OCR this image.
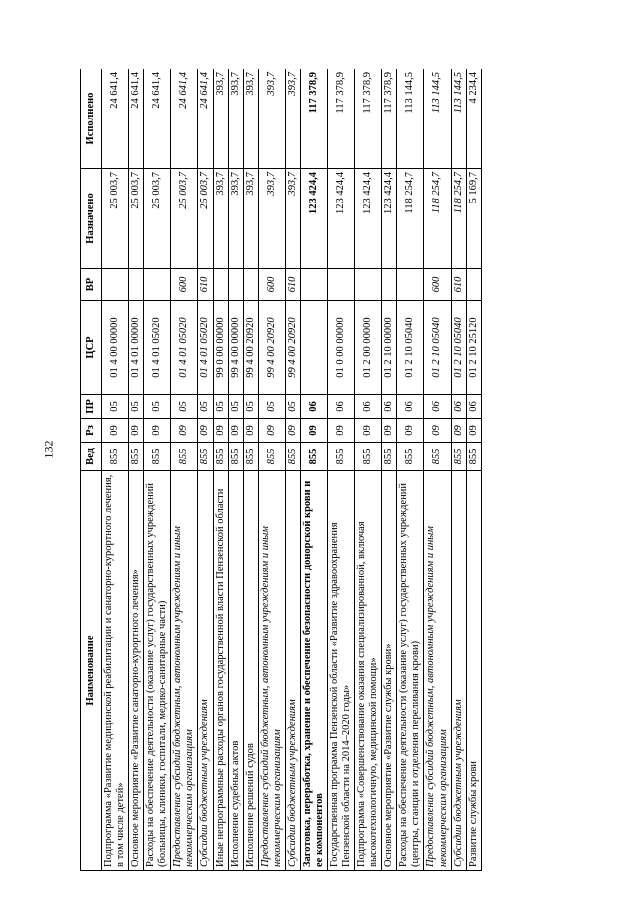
132
Наименование	Вед	Рз	ПР	ЦСР	ВР	Назначено	Исполнено
Подпрограмма «Развитие медицинской реабилитации и санаторно-курортного лечения, в том числе детей»	855	09	05	01 4 00 00000		25 003,7	24 641,4
Основное мероприятие «Развитие санаторно-курортного лечения»	855	09	05	01 4 01 00000		25 003,7	24 641,4
Расходы на обеспечение деятельности (оказание услуг) государственных учреждений (больницы, клиники, госпитали, медико-санитарные части)	855	09	05	01 4 01 05020		25 003,7	24 641,4
Предоставление субсидий бюджетным, автономным учреждениям и иным некоммерческим организациям	855	09	05	01 4 01 05020	600	25 003,7	24 641,4
Субсидии бюджетным учреждениям	855	09	05	01 4 01 05020	610	25 003,7	24 641,4
Иные непрограммные расходы органов государственной власти Пензенской области	855	09	05	99 0 00 00000		393,7	393,7
Исполнение судебных актов	855	09	05	99 4 00 00000		393,7	393,7
Исполнение решений судов	855	09	05	99 4 00 20920		393,7	393,7
Предоставление субсидий бюджетным, автономным учреждениям и иным некоммерческим организациям	855	09	05	99 4 00 20920	600	393,7	393,7
Субсидии бюджетным учреждениям	855	09	05	99 4 00 20920	610	393,7	393,7
Заготовка, переработка, хранение и обеспечение безопасности донорской крови и ее компонентов	855	09	06			123 424,4	117 378,9
Государственная программа Пензенской области «Развитие здравоохранения Пензенской области на 2014–2020 годы»	855	09	06	01 0 00 00000		123 424,4	117 378,9
Подпрограмма «Совершенствование оказания специализированной, включая высокотехнологичную, медицинской помощи»	855	09	06	01 2 00 00000		123 424,4	117 378,9
Основное мероприятие «Развитие службы крови»	855	09	06	01 2 10 00000		123 424,4	117 378,9
Расходы на обеспечение деятельности (оказание услуг) государственных учреждений (центры, станции и отделения переливания крови)	855	09	06	01 2 10 05040		118 254,7	113 144,5
Предоставление субсидий бюджетным, автономным учреждениям и иным некоммерческим организациям	855	09	06	01 2 10 05040	600	118 254,7	113 144,5
Субсидии бюджетным учреждениям	855	09	06	01 2 10 05040	610	118 254,7	113 144,5
Развитие службы крови	855	09	06	01 2 10 25120		5 169,7	4 234,4
